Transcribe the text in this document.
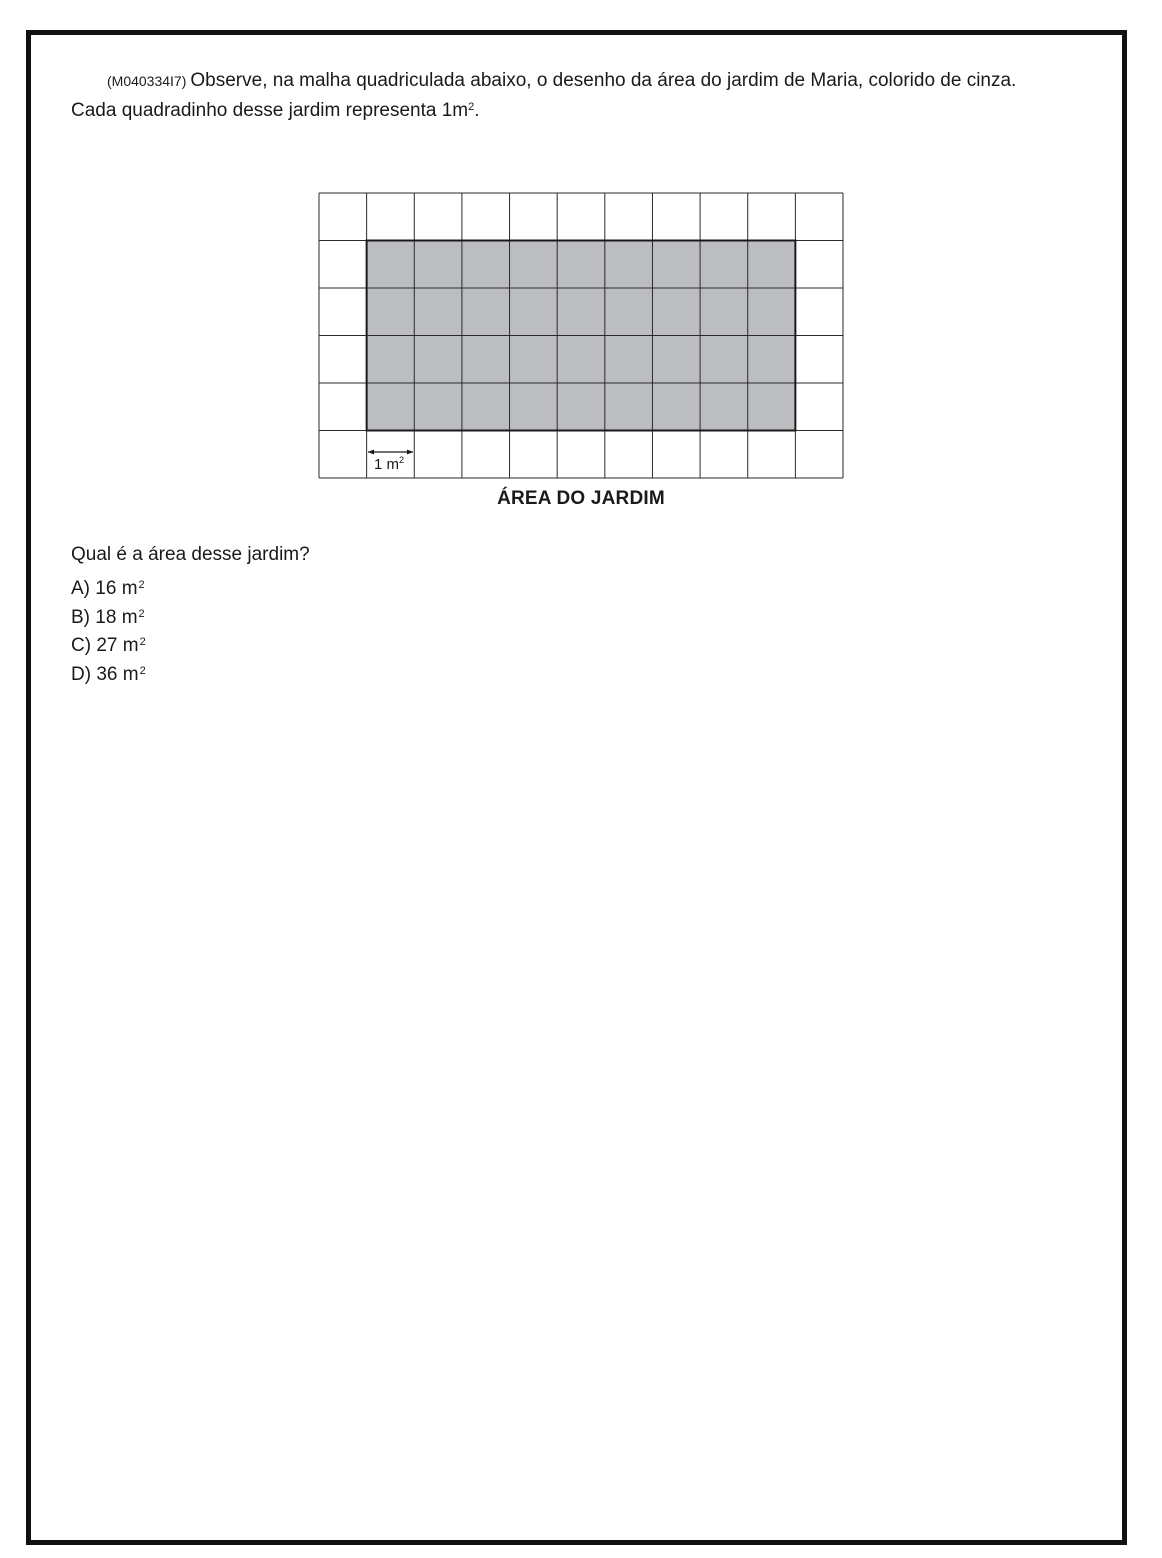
(M040334I7) Observe, na malha quadriculada abaixo, o desenho da área do jardim de Maria, colorido de cinza.

Cada quadradinho desse jardim representa $1m^2$.

1 $m^2$
ÁREA DO JARDIM

Qual é a área desse jardim?

A) 16 $m^2$
B) 18 $m^2$
C) 27 $m^2$
D) 36 $m^2$
